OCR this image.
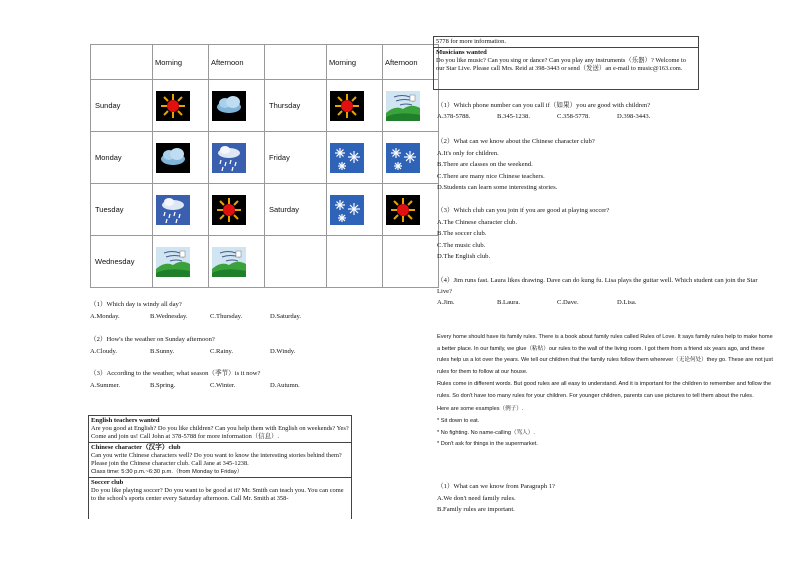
	Morning	Afternoon		Morning	Afternoon
Sunday			Thursday	

Monday			Friday	

Tuesday			Saturday	

Wednesday	

（1）Which day is windy all day?
A.Monday.	B.Wednesday.	C.Thursday.	D.Saturday.
（2）How's the weather on Sunday afternoon?
A.Cloudy.	B.Sunny.	C.Rainy.	D.Windy.
（3）According to the weather, what season（季节）is it now?
A.Summer.	B.Spring.	C.Winter.	D.Autumn.
English teachers wanted
Are you good at English? Do you like children? Can you help them with English on weekends? Yes? Come and join us! Call John at 378-5788 for more information（信息）.
Chinese character（汉字）club
Can you write Chinese characters well? Do you want to know the interesting stories behind them? Please join the Chinese character club. Call Jane at 345-1238.
Class time: 5:30 p.m.~6:30 p.m.（from Monday to Friday）
Soccer club
Do you like playing soccer? Do you want to be good at it? Mr. Smith can teach you. You can come to the school's sports center every Saturday afternoon. Call Mr. Smith at 358-
5778 for more information.
Musicians wanted
Do you like music? Can you sing or dance? Can you play any instruments（乐器）? Welcome to our Star Live. Please call Mrs. Reid at 398-3443 or send（发送）an e-mail to music@163.com.
（1）Which phone number can you call if（如果）you are good with children?
A.378-5788.	B.345-1238.	C.358-5778.	D.398-3443.
（2）What can we know about the Chinese character club?
A.It's only for children.
B.There are classes on the weekend.
C.There are many nice Chinese teachers.
D.Students can learn some interesting stories.
（3）Which club can you join if you are good at playing soccer?
A.The Chinese character club.
B.The soccer club.
C.The music club.
D.The English club.
（4）Jim runs fast. Laura likes drawing. Dave can do kung fu. Lisa plays the guitar well. Which student can join the Star Live?
A.Jim.	B.Laura.	C.Dave.	D.Lisa.
Every home should have its family rules. There is a book about family rules called Rules of Love. It says family rules help to make home a better place. In our family, we glue（粘贴）our rules to the wall of the living room. I got them from a friend six years ago, and these rules help us a lot over the years. We tell our children that the family rules follow them wherever（无论何处）they go. These are not just rules for them to follow at our house.
Rules come in different words. But good rules are all easy to understand. And it is important for the children to remember and follow the rules. So don't have too many rules for your children. For younger children, parents can use pictures to tell them about the rules.
Here are some examples（例子）.
* Sit down to eat.
* No fighting. No name-calling（骂人）.
* Don't ask for things in the supermarket.
（1）What can we know from Paragraph 1?
A.We don't need family rules.
B.Family rules are important.
